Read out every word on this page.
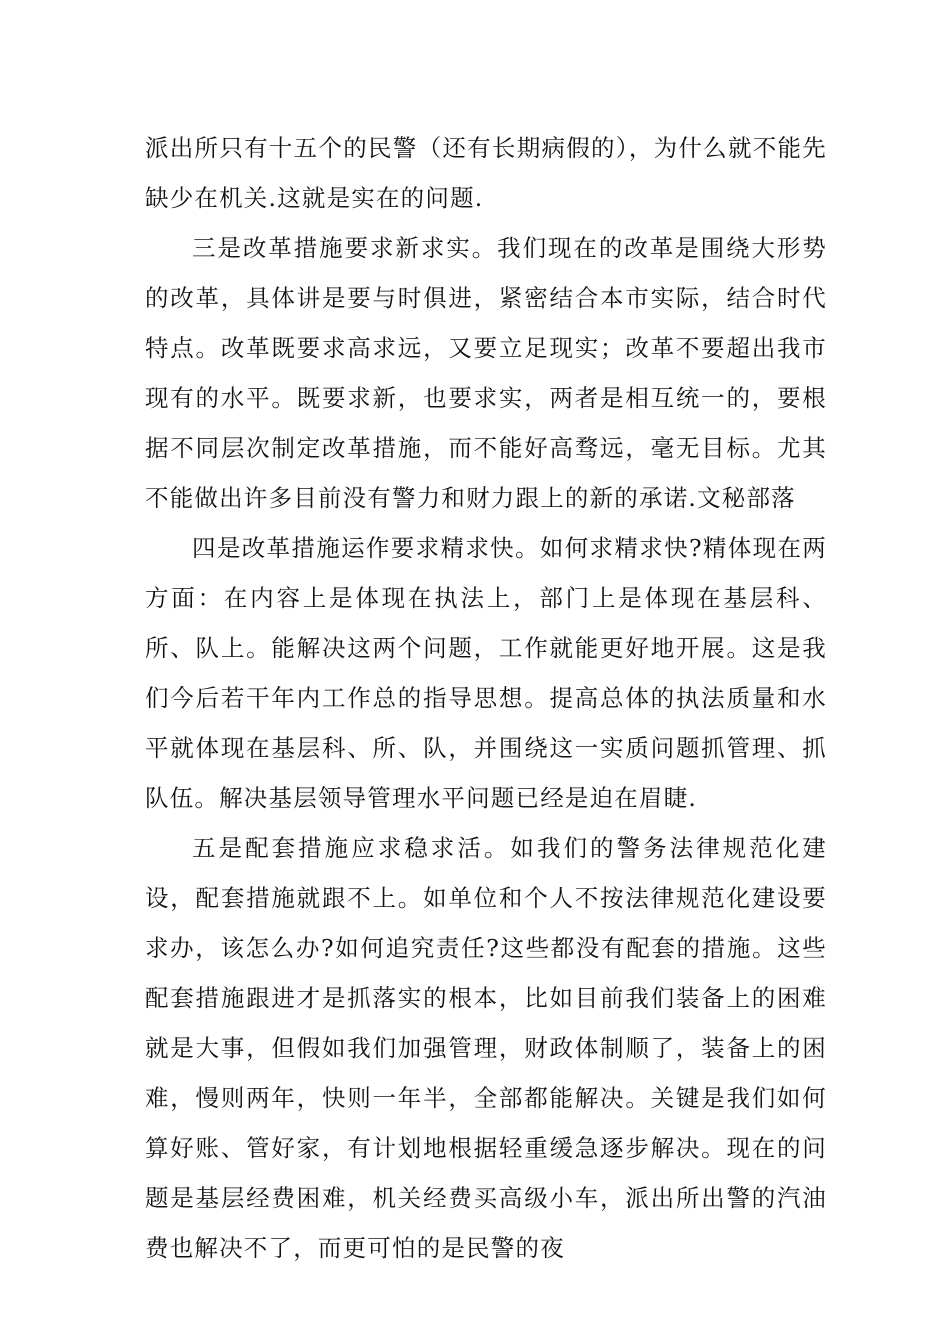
派出所只有十五个的民警（还有长期病假的），为什么就不能先缺少在机关.这就是实在的问题.

三是改革措施要求新求实。我们现在的改革是围绕大形势的改革，具体讲是要与时俱进，紧密结合本市实际，结合时代特点。改革既要求高求远，又要立足现实；改革不要超出我市现有的水平。既要求新，也要求实，两者是相互统一的，要根据不同层次制定改革措施，而不能好高骛远，毫无目标。尤其不能做出许多目前没有警力和财力跟上的新的承诺.文秘部落

四是改革措施运作要求精求快。如何求精求快?精体现在两方面：在内容上是体现在执法上，部门上是体现在基层科、所、队上。能解决这两个问题，工作就能更好地开展。这是我们今后若干年内工作总的指导思想。提高总体的执法质量和水平就体现在基层科、所、队，并围绕这一实质问题抓管理、抓队伍。解决基层领导管理水平问题已经是迫在眉睫.

五是配套措施应求稳求活。如我们的警务法律规范化建设，配套措施就跟不上。如单位和个人不按法律规范化建设要求办，该怎么办?如何追究责任?这些都没有配套的措施。这些配套措施跟进才是抓落实的根本，比如目前我们装备上的困难就是大事，但假如我们加强管理，财政体制顺了，装备上的困难，慢则两年，快则一年半，全部都能解决。关键是我们如何算好账、管好家，有计划地根据轻重缓急逐步解决。现在的问题是基层经费困难，机关经费买高级小车，派出所出警的汽油费也解决不了，而更可怕的是民警的夜
